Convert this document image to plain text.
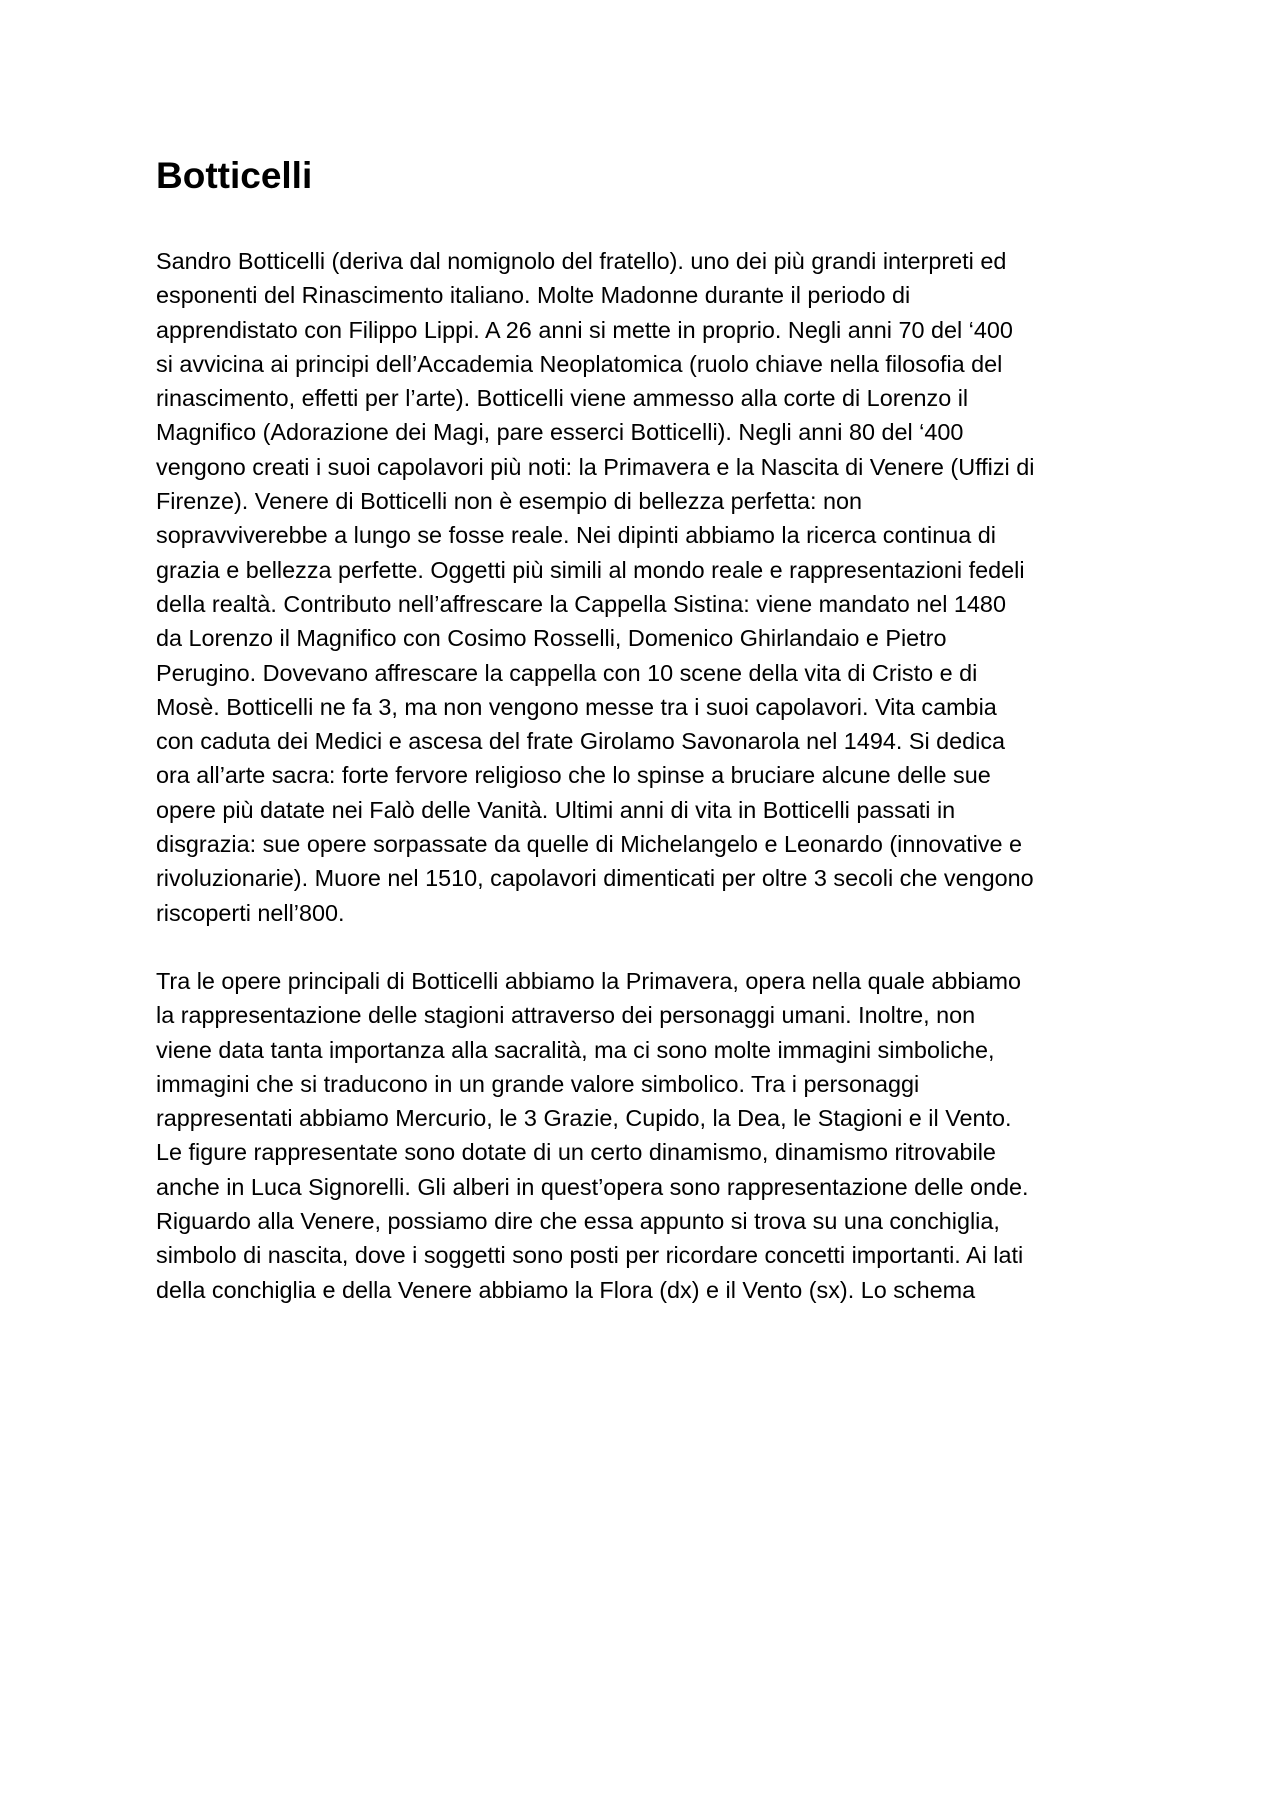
Botticelli

Sandro Botticelli (deriva dal nomignolo del fratello). uno dei più grandi interpreti ed
esponenti del Rinascimento italiano. Molte Madonne durante il periodo di
apprendistato con Filippo Lippi. A 26 anni si mette in proprio. Negli anni 70 del ‘400
si avvicina ai principi dell’Accademia Neoplatomica (ruolo chiave nella filosofia del
rinascimento, effetti per l’arte). Botticelli viene ammesso alla corte di Lorenzo il
Magnifico (Adorazione dei Magi, pare esserci Botticelli). Negli anni 80 del ‘400
vengono creati i suoi capolavori più noti: la Primavera e la Nascita di Venere (Uffizi di
Firenze). Venere di Botticelli non è esempio di bellezza perfetta: non
sopravviverebbe a lungo se fosse reale. Nei dipinti abbiamo la ricerca continua di
grazia e bellezza perfette. Oggetti più simili al mondo reale e rappresentazioni fedeli
della realtà. Contributo nell’affrescare la Cappella Sistina: viene mandato nel 1480
da Lorenzo il Magnifico con Cosimo Rosselli, Domenico Ghirlandaio e Pietro
Perugino. Dovevano affrescare la cappella con 10 scene della vita di Cristo e di
Mosè. Botticelli ne fa 3, ma non vengono messe tra i suoi capolavori. Vita cambia
con caduta dei Medici e ascesa del frate Girolamo Savonarola nel 1494. Si dedica
ora all’arte sacra: forte fervore religioso che lo spinse a bruciare alcune delle sue
opere più datate nei Falò delle Vanità. Ultimi anni di vita in Botticelli passati in
disgrazia: sue opere sorpassate da quelle di Michelangelo e Leonardo (innovative e
rivoluzionarie). Muore nel 1510, capolavori dimenticati per oltre 3 secoli che vengono
riscoperti nell’800.

Tra le opere principali di Botticelli abbiamo la Primavera, opera nella quale abbiamo
la rappresentazione delle stagioni attraverso dei personaggi umani. Inoltre, non
viene data tanta importanza alla sacralità, ma ci sono molte immagini simboliche,
immagini che si traducono in un grande valore simbolico. Tra i personaggi
rappresentati abbiamo Mercurio, le 3 Grazie, Cupido, la Dea, le Stagioni e il Vento.
Le figure rappresentate sono dotate di un certo dinamismo, dinamismo ritrovabile
anche in Luca Signorelli. Gli alberi in quest’opera sono rappresentazione delle onde.
Riguardo alla Venere, possiamo dire che essa appunto si trova su una conchiglia,
simbolo di nascita, dove i soggetti sono posti per ricordare concetti importanti. Ai lati
della conchiglia e della Venere abbiamo la Flora (dx) e il Vento (sx). Lo schema
